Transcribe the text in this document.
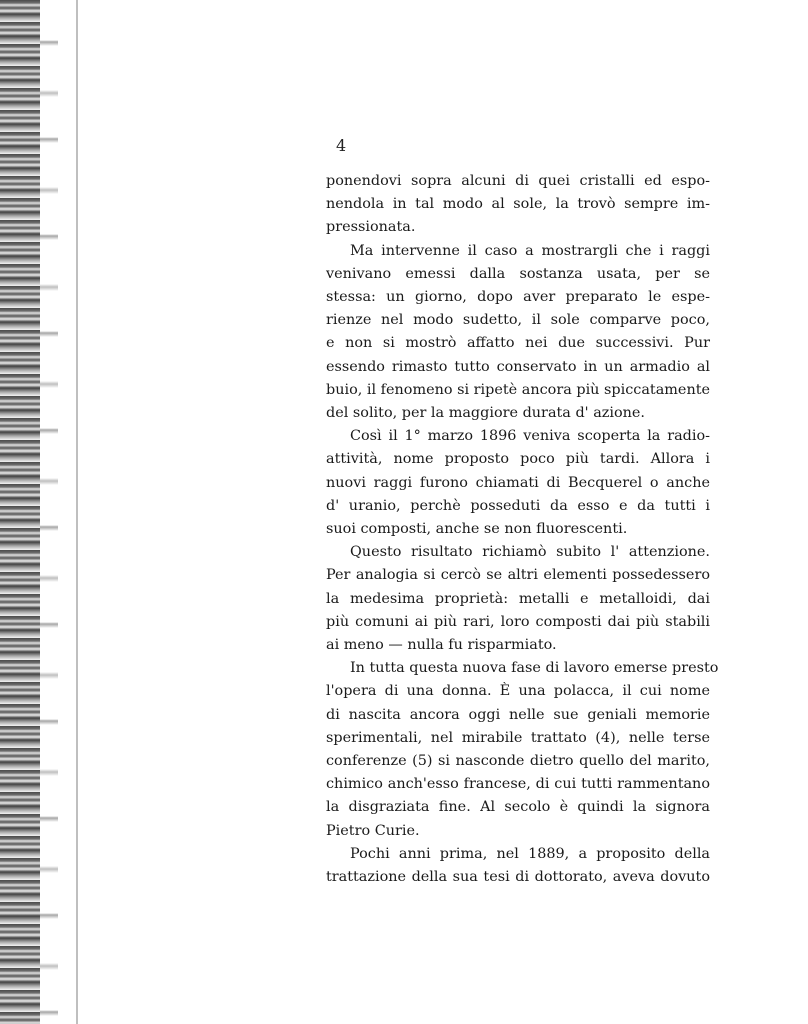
4
ponendovi sopra alcuni di quei cristalli ed espo-
nendola in tal modo al sole, la trovò sempre im-
pressionata.
Ma intervenne il caso a mostrargli che i raggi
venivano emessi dalla sostanza usata, per se
stessa: un giorno, dopo aver preparato le espe-
rienze nel modo sudetto, il sole comparve poco,
e non si mostrò affatto nei due successivi. Pur
essendo rimasto tutto conservato in un armadio al
buio, il fenomeno si ripetè ancora più spiccatamente
del solito, per la maggiore durata d' azione.
Così il 1° marzo 1896 veniva scoperta la radio-
attività, nome proposto poco più tardi. Allora i
nuovi raggi furono chiamati di Becquerel o anche
d' uranio, perchè posseduti da esso e da tutti i
suoi composti, anche se non fluorescenti.
Questo risultato richiamò subito l' attenzione.
Per analogia si cercò se altri elementi possedessero
la medesima proprietà: metalli e metalloidi, dai
più comuni ai più rari, loro composti dai più stabili
ai meno — nulla fu risparmiato.
In tutta questa nuova fase di lavoro emerse presto
l'opera di una donna. È una polacca, il cui nome
di nascita ancora oggi nelle sue geniali memorie
sperimentali, nel mirabile trattato (4), nelle terse
conferenze (5) si nasconde dietro quello del marito,
chimico anch'esso francese, di cui tutti rammentano
la disgraziata fine. Al secolo è quindi la signora
Pietro Curie.
Pochi anni prima, nel 1889, a proposito della
trattazione della sua tesi di dottorato, aveva dovuto
